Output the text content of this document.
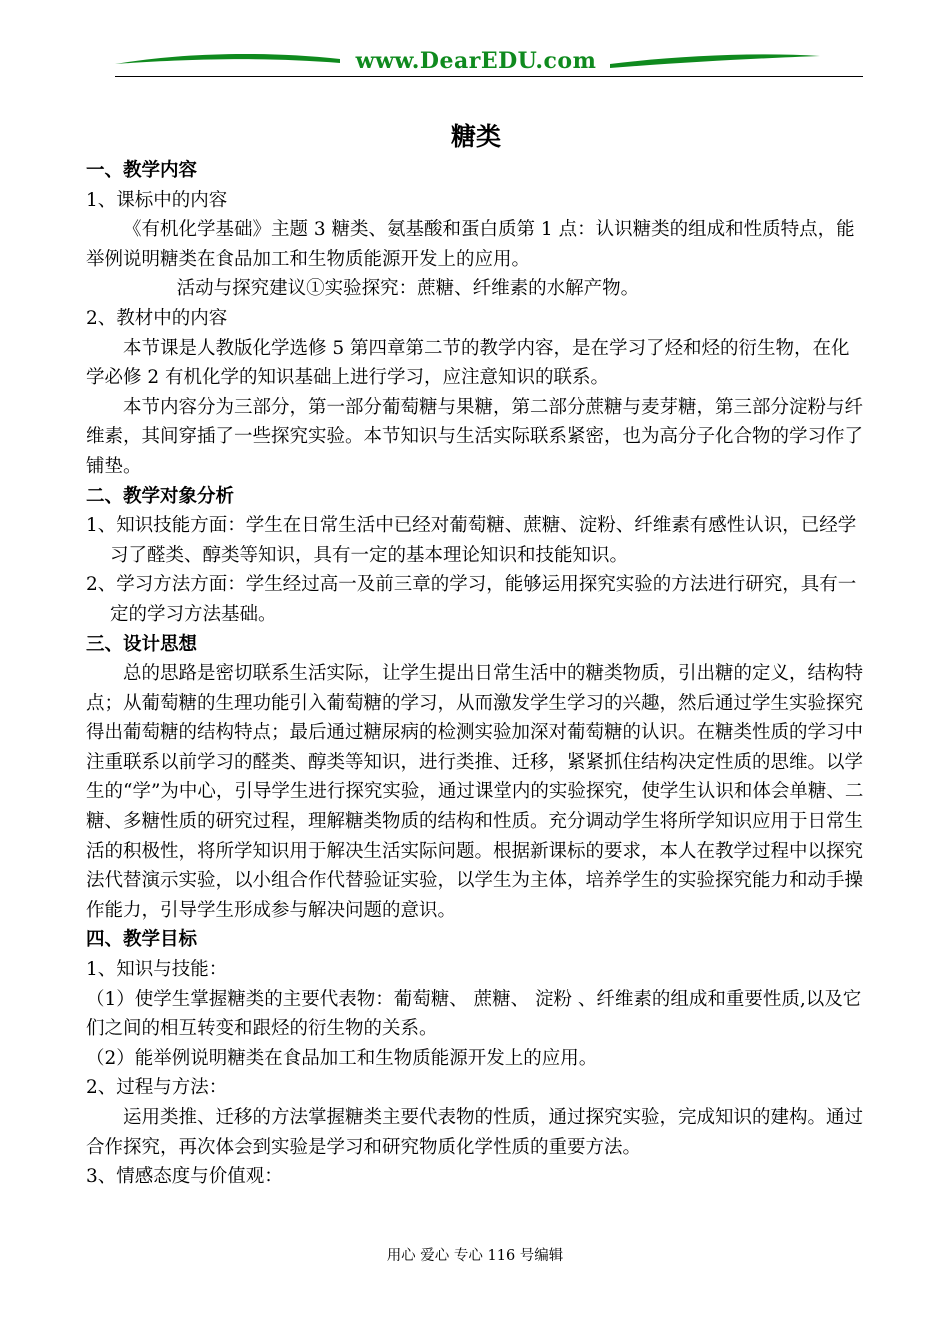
www.DearEDU.com
糖类
一、教学内容
1、课标中的内容
《有机化学基础》主题 3 糖类、氨基酸和蛋白质第 1 点：认识糖类的组成和性质特点，能举例说明糖类在食品加工和生物质能源开发上的应用。
活动与探究建议①实验探究：蔗糖、纤维素的水解产物。
2、教材中的内容
本节课是人教版化学选修 5 第四章第二节的教学内容，是在学习了烃和烃的衍生物，在化学必修 2 有机化学的知识基础上进行学习，应注意知识的联系。
本节内容分为三部分，第一部分葡萄糖与果糖，第二部分蔗糖与麦芽糖，第三部分淀粉与纤维素，其间穿插了一些探究实验。本节知识与生活实际联系紧密，也为高分子化合物的学习作了铺垫。
二、教学对象分析
1、知识技能方面：学生在日常生活中已经对葡萄糖、蔗糖、淀粉、纤维素有感性认识，已经学习了醛类、醇类等知识，具有一定的基本理论知识和技能知识。
2、学习方法方面：学生经过高一及前三章的学习，能够运用探究实验的方法进行研究，具有一定的学习方法基础。
三、设计思想
总的思路是密切联系生活实际，让学生提出日常生活中的糖类物质，引出糖的定义，结构特点；从葡萄糖的生理功能引入葡萄糖的学习，从而激发学生学习的兴趣，然后通过学生实验探究得出葡萄糖的结构特点；最后通过糖尿病的检测实验加深对葡萄糖的认识。在糖类性质的学习中注重联系以前学习的醛类、醇类等知识，进行类推、迁移，紧紧抓住结构决定性质的思维。以学生的“学”为中心，引导学生进行探究实验，通过课堂内的实验探究，使学生认识和体会单糖、二糖、多糖性质的研究过程，理解糖类物质的结构和性质。充分调动学生将所学知识应用于日常生活的积极性，将所学知识用于解决生活实际问题。根据新课标的要求，本人在教学过程中以探究法代替演示实验，以小组合作代替验证实验，以学生为主体，培养学生的实验探究能力和动手操作能力，引导学生形成参与解决问题的意识。
四、教学目标
1、知识与技能：
（1）使学生掌握糖类的主要代表物：葡萄糖、 蔗糖、 淀粉 、纤维素的组成和重要性质,以及它们之间的相互转变和跟烃的衍生物的关系。
（2）能举例说明糖类在食品加工和生物质能源开发上的应用。
2、过程与方法：
运用类推、迁移的方法掌握糖类主要代表物的性质，通过探究实验，完成知识的建构。通过合作探究，再次体会到实验是学习和研究物质化学性质的重要方法。
3、情感态度与价值观：
用心 爱心 专心 116 号编辑
